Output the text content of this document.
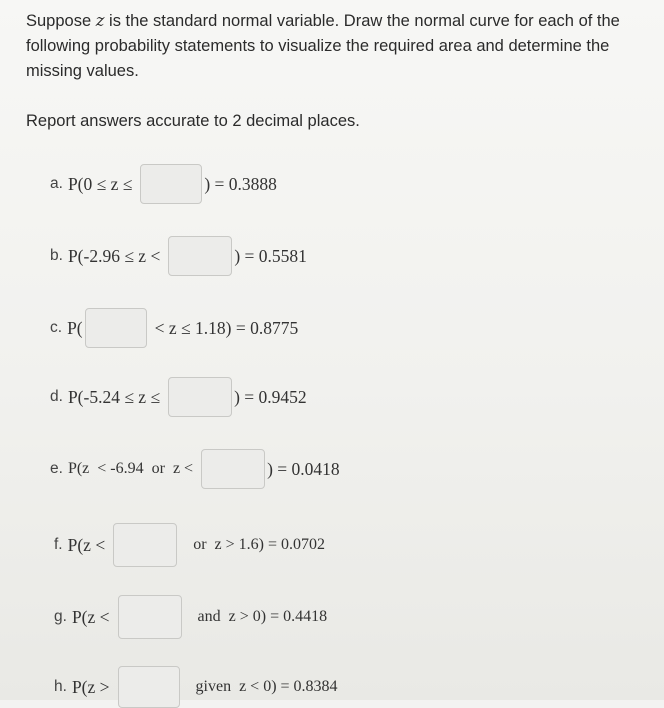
Suppose z is the standard normal variable. Draw the normal curve for each of the following probability statements to visualize the required area and determine the missing values.

Report answers accurate to 2 decimal places.

a. P(0 ≤ z ≤	) = 0.3888
b. P(-2.96 ≤ z <	) = 0.5581
c. P(	< z ≤ 1.18) = 0.8775
d. P(-5.24 ≤ z ≤	) = 0.9452
e. P(z  < -6.94  or  z <	) = 0.0418
f. P(z <	or  z > 1.6) = 0.0702
g. P(z <	and  z > 0) = 0.4418
h. P(z >	given  z < 0) = 0.8384
